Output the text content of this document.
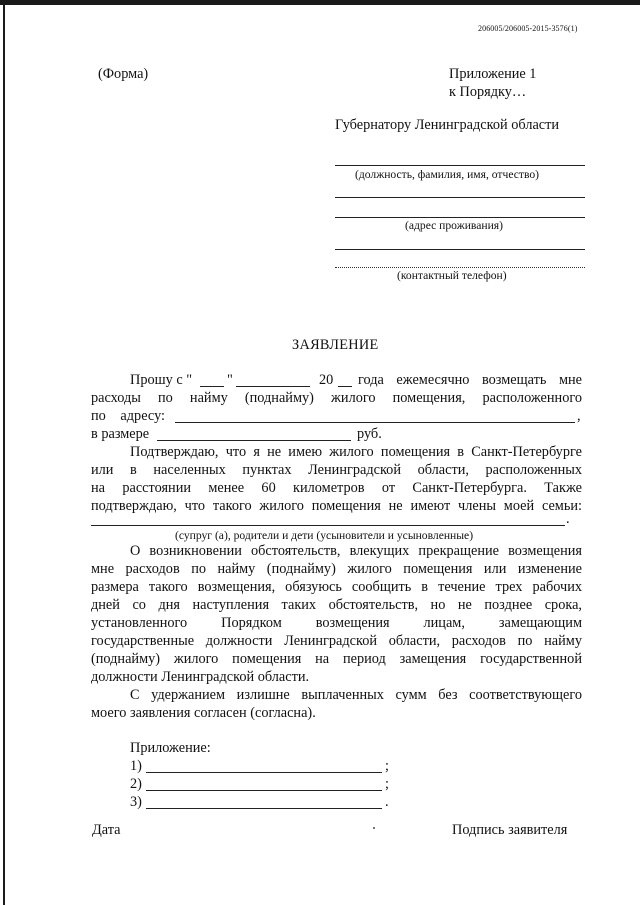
206005/206005-2015-3576(1)
(Форма)	Приложение 1
к Порядку…
Губернатору Ленинградской области
(должность, фамилия, имя, отчество)
(адрес проживания)
(контактный телефон)
ЗАЯВЛЕНИЕ
Прошу с " "	20 года ежемесячно возмещать мне
расходы по найму (поднайму) жилого помещения, расположенного
по адресу:	,
в размере	руб.
Подтверждаю, что я не имею жилого помещения в Санкт-Петербурге
или в населенных пунктах Ленинградской области, расположенных
на расстоянии менее 60 километров от Санкт-Петербурга. Также
подтверждаю, что такого жилого помещения не имеют члены моей семьи:
.
(супруг (а), родители и дети (усыновители и усыновленные)
О возникновении обстоятельств, влекущих прекращение возмещения
мне расходов по найму (поднайму) жилого помещения или изменение
размера такого возмещения, обязуюсь сообщить в течение трех рабочих
дней со дня наступления таких обстоятельств, но не позднее срока,
установленного Порядком возмещения лицам, замещающим
государственные должности Ленинградской области, расходов по найму
(поднайму) жилого помещения на период замещения государственной
должности Ленинградской области.
С удержанием излишне выплаченных сумм без соответствующего
моего заявления согласен (согласна).
Приложение:
1)	;
2)	;
3)	.
Дата	Подпись заявителя
